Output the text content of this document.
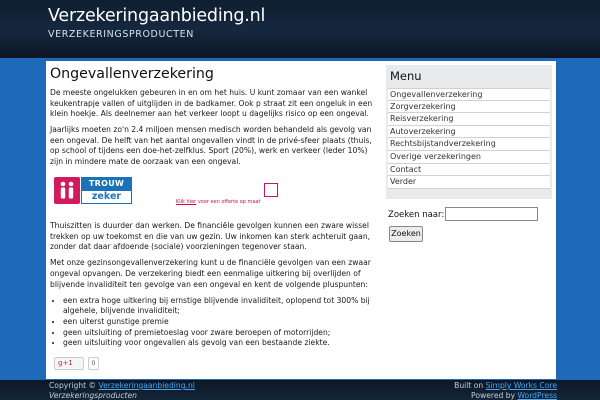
Verzekeringaanbieding.nl
VERZEKERINGSPRODUCTEN
Ongevallenverzekering

De meeste ongelukken gebeuren in en om het huis. U kunt zomaar van een wankel keukentrapje vallen of uitglijden in de badkamer. Ook p straat zit een ongeluk in een klein hoekje. Als deelnemer aan het verkeer loopt u dagelijks risico op een ongeval.

Jaarlijks moeten zo'n 2.4 miljoen mensen medisch worden behandeld als gevolg van een ongeval. De helft van het aantal ongevallen vindt in de privé-sfeer plaats (thuis, op school of tijdens een doe-het-zelfklus. Sport (20%), werk en verkeer (leder 10%) zijn in mindere mate de oorzaak van een ongeval.

TROUW
zeker	Klik hier voor een offerte op maat

Thuiszitten is duurder dan werken. De financiële gevolgen kunnen een zware wissel trekken op uw toekomst en die van uw gezin. Uw inkomen kan sterk achteruit gaan, zonder dat daar afdoende (sociale) voorzieningen tegenover staan.

Met onze gezinsongevallenverzekering kunt u de financiële gevolgen van een zwaar ongeval opvangen. De verzekering biedt een eenmalige uitkering bij overlijden of blijvende invaliditeit ten gevolge van een ongeval en kent de volgende pluspunten:

• een extra hoge uitkering bij ernstige blijvende invaliditeit, oplopend tot 300% bij algehele, blijvende invaliditeit;
• een uiterst gunstige premie
• geen uitsluiting of premietoeslag voor zware beroepen of motorrijden;
• geen uitsluiting voor ongevallen als gevolg van een bestaande ziekte.
g+1	0
Menu
Ongevallenverzekering
Zorgverzekering
Reisverzekering
Autoverzekering
Rechtsbijstandverzekering
Overige verzekeringen
Contact
Verder
Zoeken naar:
Zoeken
Copyright © Verzekeringaanbieding.nl
Verzekeringsproducten
Built on Simply Works Core
Powered by WordPress
